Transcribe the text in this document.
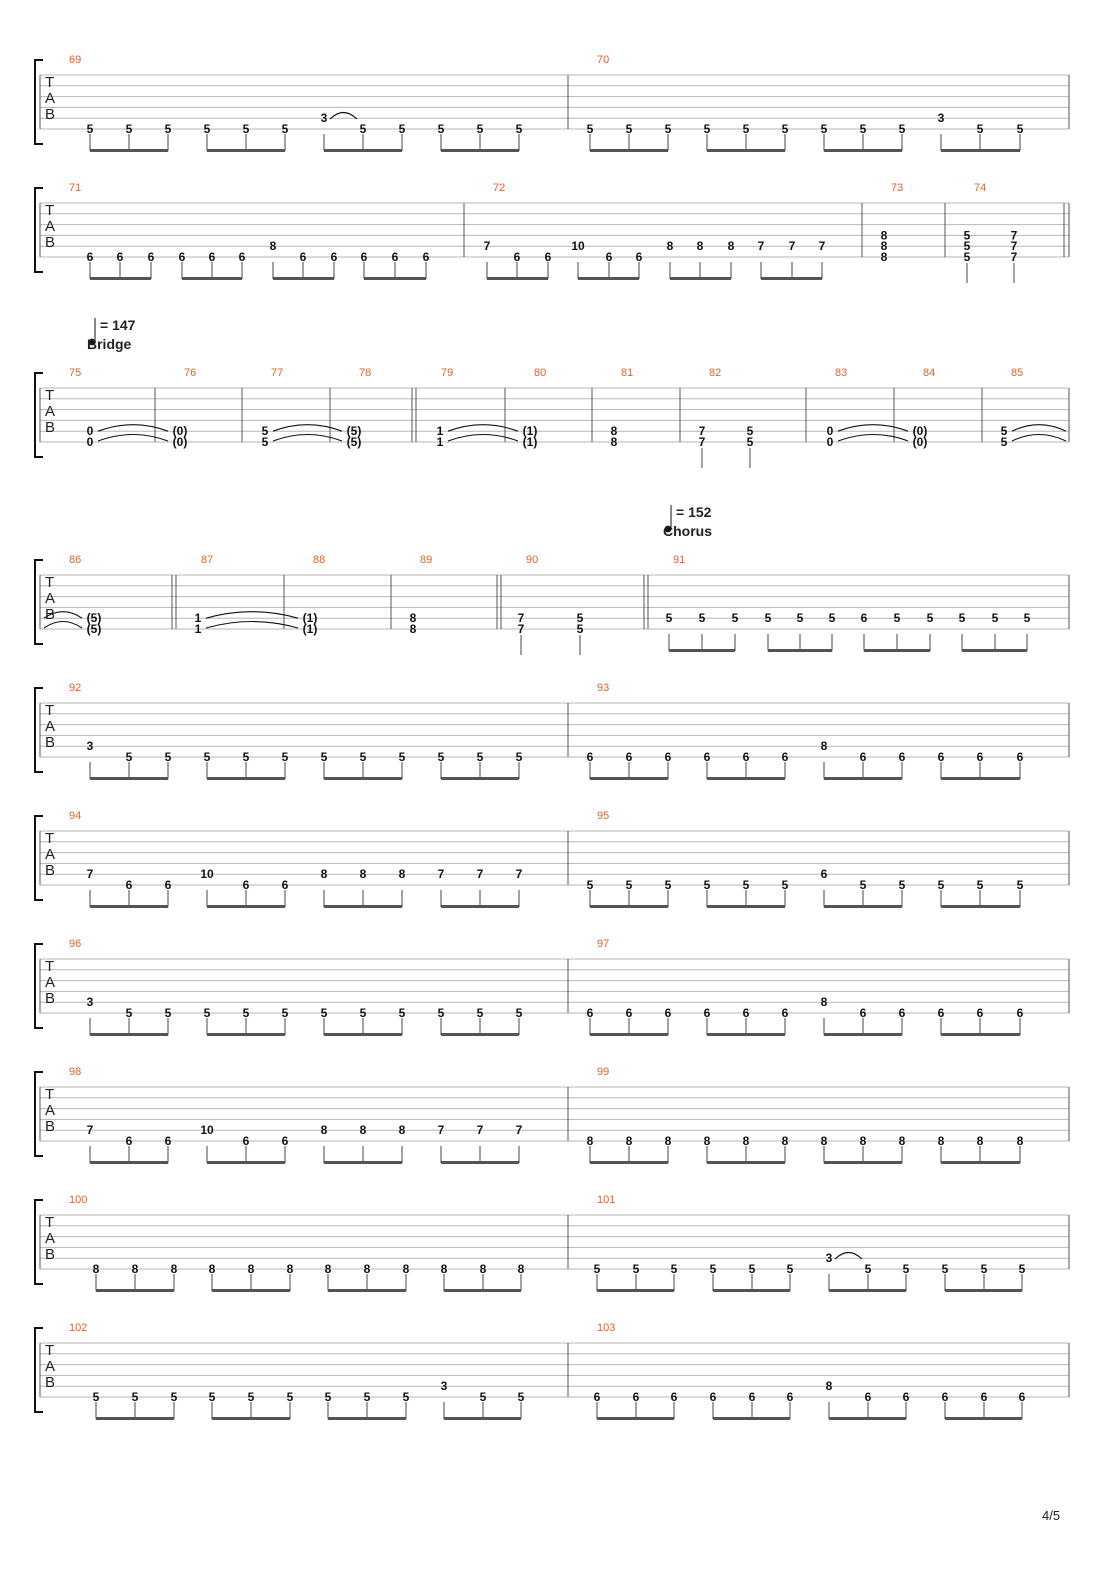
T
A
B
69
5	5	5	5	5	5
3
5	5	5	5	5
70
5	5	5	5	5	5	5	5	5
3
5	5
T
A
B
71
6 6 6 6 6 6
8
6 6 6 6 6
72
7
6 6
10
6 6
8 8 8 7 7 7
73
8
8
8
74
5
5
5
7
7
7
T
A
B
75
0
0
76
(0)
(0)
77
5
5
78
(5)
(5)
79
1
1
80
(1)
(1)
81
8
8
82
7
7
5
5
83
0
0
84
(0)
(0)
85
5
5
T
A
B
86
(5)
(5)
87
1
1
88
(1)
(1)
89
8
8
90
7
7
5
5
91
5 5 5 5 5 5 6 5 5 5 5 5
T
A
B
92
3
5	5	5	5	5	5	5	5	5	5	5
93
6	6	6	6	6	6
8
6	6	6	6	6
T
A
B
94
7
6	6
10
6	6
8	8	8	7	7	7
95
5	5	5	5	5	5
6
5	5	5	5	5
T
A
B
96
3
5	5	5	5	5	5	5	5	5	5	5
97
6	6	6	6	6	6
8
6	6	6	6	6
T
A
B
98
7
6	6
10
6	6
8	8	8	7	7	7
99
8	8	8	8	8	8	8	8	8	8	8	8
T
A
B
100
8	8	8	8	8	8	8	8	8	8	8	8
101
5	5	5	5	5	5
3
5	5	5	5	5
T
A
B
102
5	5	5	5	5	5	5	5	5
3
5	5
103
6	6	6	6	6	6
8
6	6	6	6	6
= 147
Bridge
= 152
Chorus
4/5
